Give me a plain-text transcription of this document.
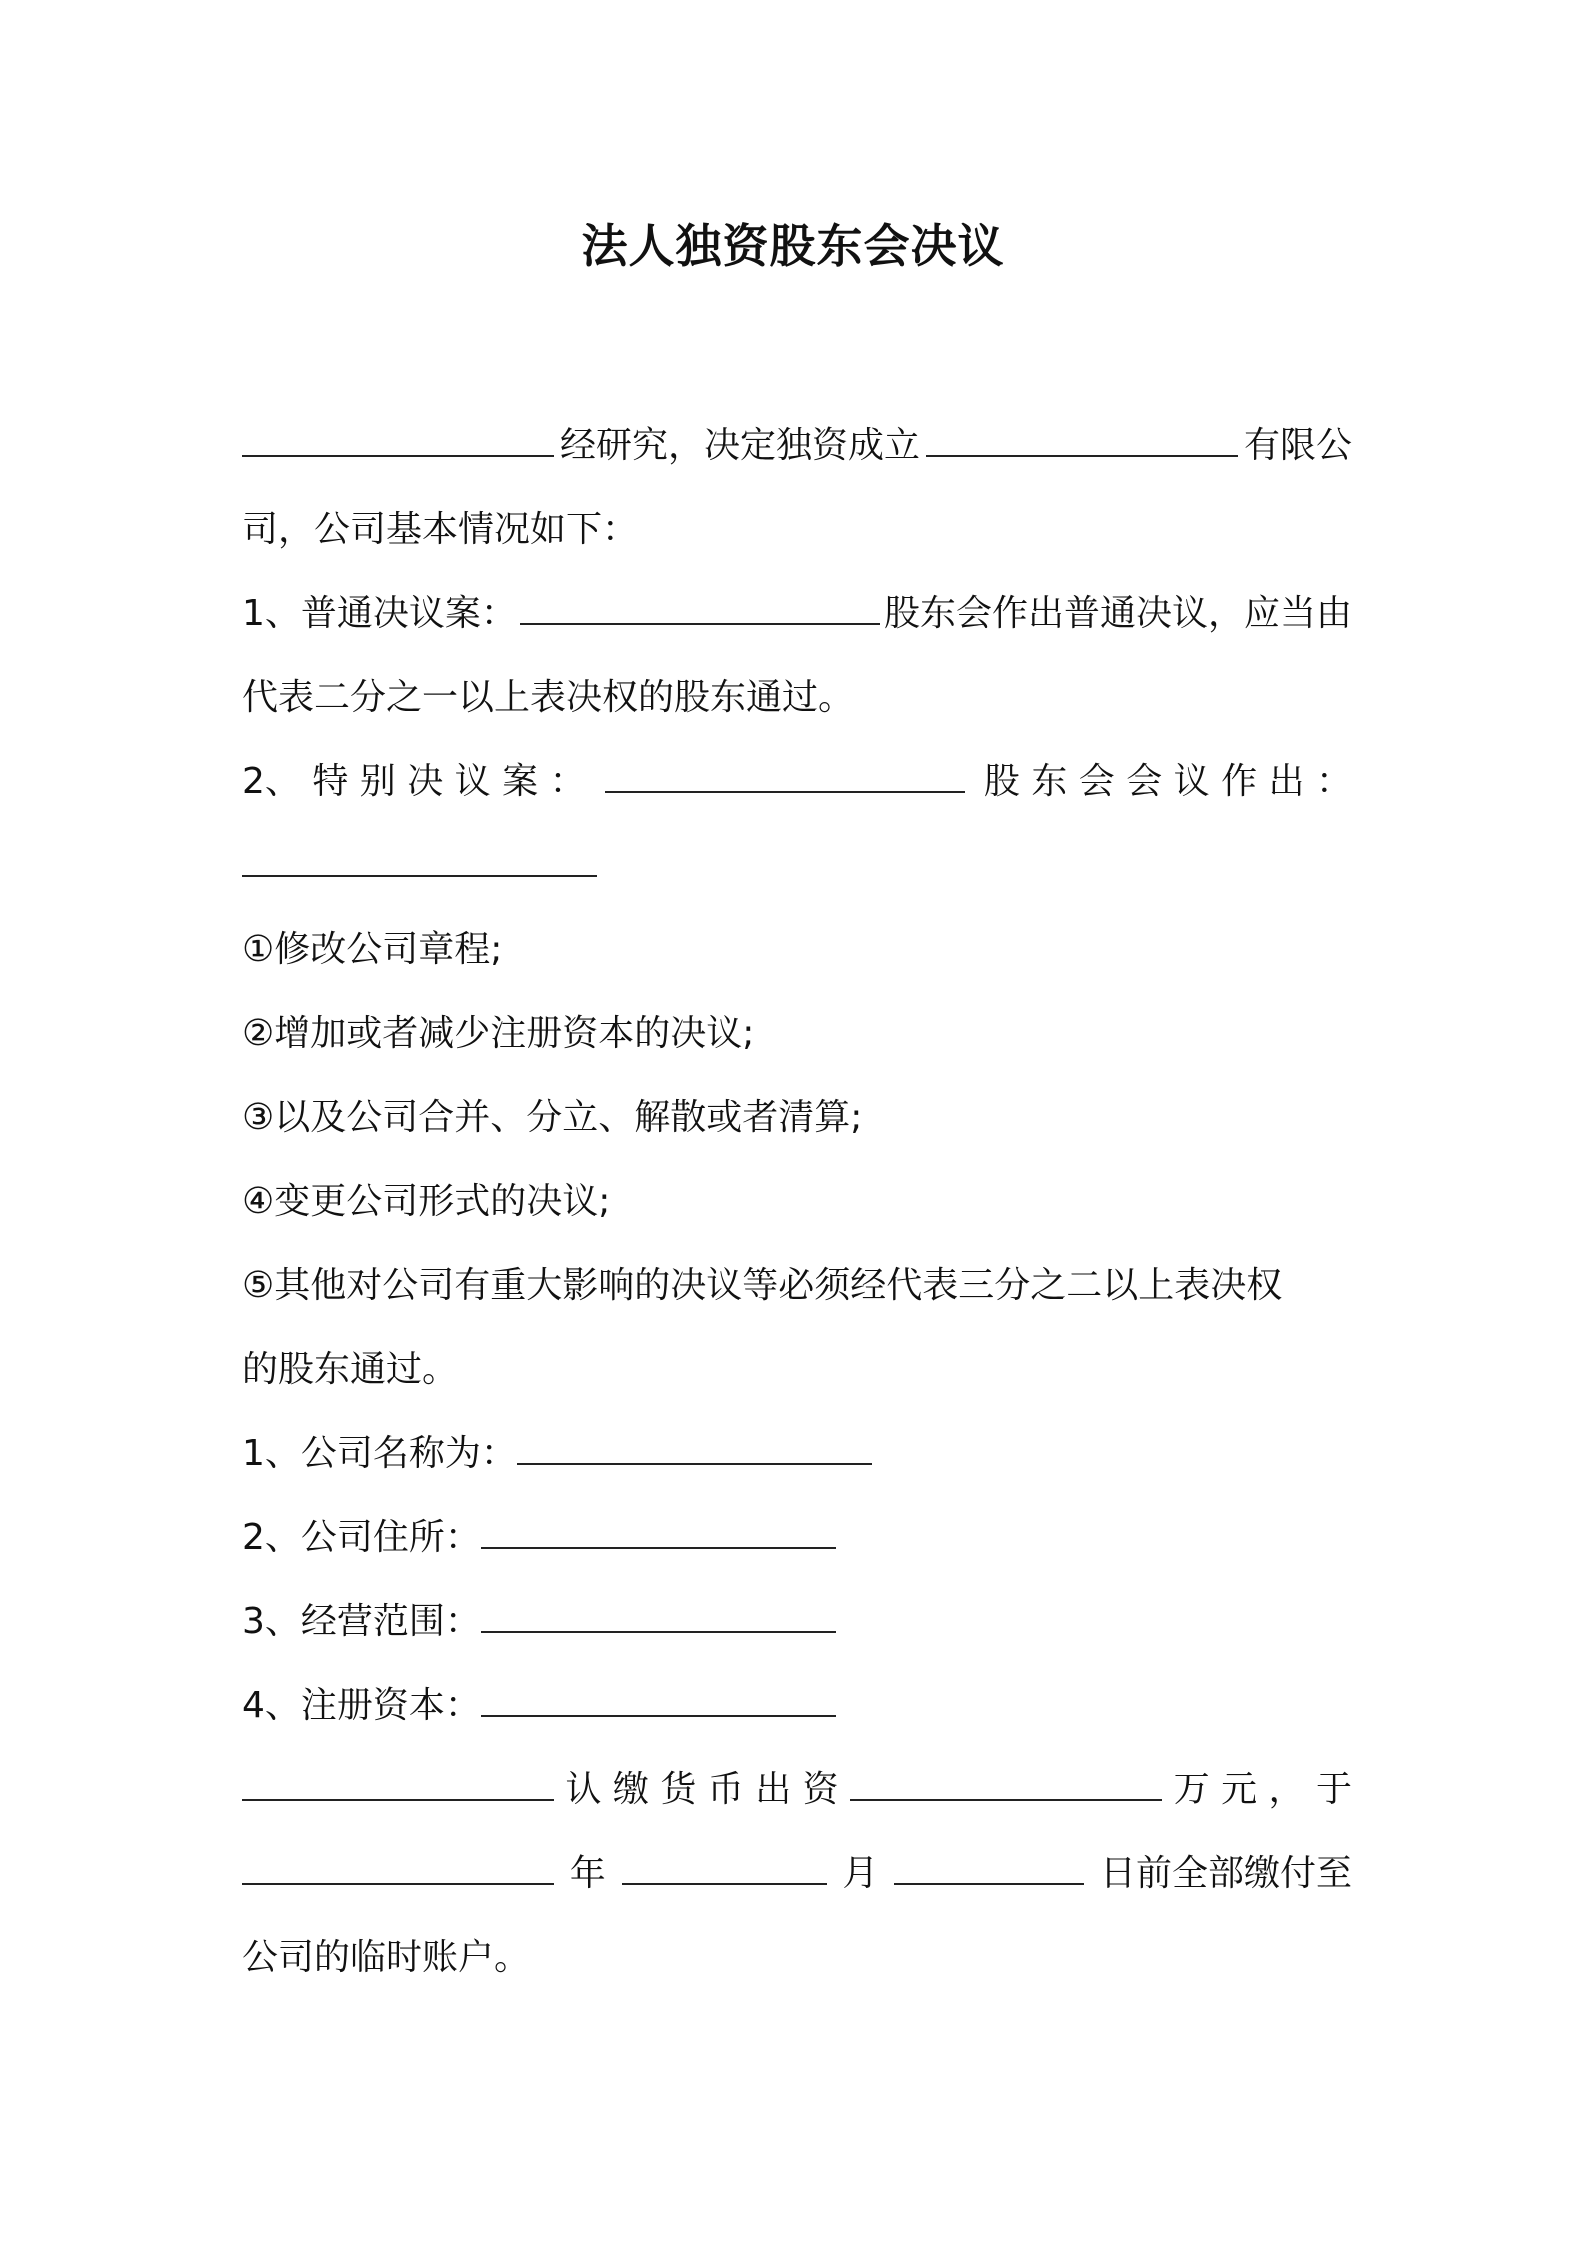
法人独资股东会决议
经研究，决定独资成立	有限公
司，公司基本情况如下：
1、普通决议案：	股东会作出普通决议，应当由
代表二分之一以上表决权的股东通过。
2、 特 别 决 议 案 ：	股 东 会 会 议 作 出 ：
①修改公司章程;
②增加或者减少注册资本的决议;
③以及公司合并、分立、解散或者清算;
④变更公司形式的决议;
⑤其他对公司有重大影响的决议等必须经代表三分之二以上表决权
的股东通过。
1、公司名称为：
2、公司住所：
3、经营范围：
4、注册资本：
认 缴 货 币 出 资	万 元 ， 于
年	月	日前全部缴付至
公司的临时账户。
